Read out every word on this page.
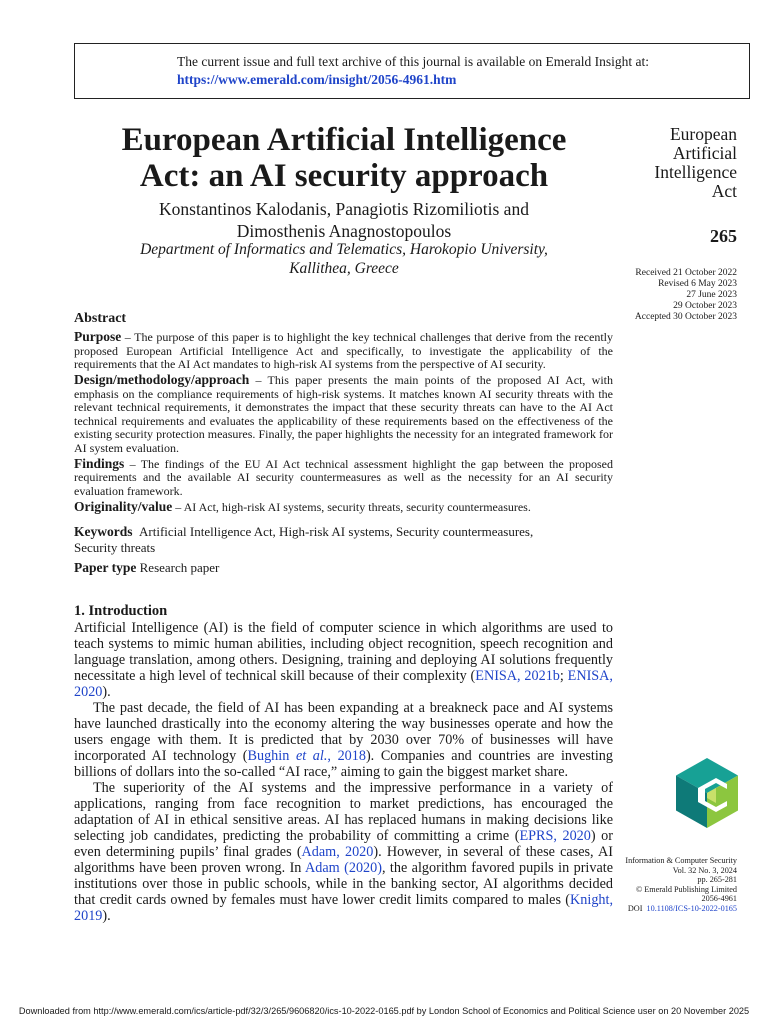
The current issue and full text archive of this journal is available on Emerald Insight at:
https://www.emerald.com/insight/2056-4961.htm
European Artificial Intelligence
Act: an AI security approach
Konstantinos Kalodanis, Panagiotis Rizomiliotis and
Dimosthenis Anagnostopoulos
Department of Informatics and Telematics, Harokopio University,
Kallithea, Greece
European
Artificial
Intelligence
Act
265
Received 21 October 2022
Revised 6 May 2023
27 June 2023
29 October 2023
Accepted 30 October 2023
Abstract

Purpose – The purpose of this paper is to highlight the key technical challenges that derive from the recently proposed European Artificial Intelligence Act and specifically, to investigate the applicability of the requirements that the AI Act mandates to high-risk AI systems from the perspective of AI security.

Design/methodology/approach – This paper presents the main points of the proposed AI Act, with emphasis on the compliance requirements of high-risk systems. It matches known AI security threats with the relevant technical requirements, it demonstrates the impact that these security threats can have to the AI Act technical requirements and evaluates the applicability of these requirements based on the effectiveness of the existing security protection measures. Finally, the paper highlights the necessity for an integrated framework for AI system evaluation.

Findings – The findings of the EU AI Act technical assessment highlight the gap between the proposed requirements and the available AI security countermeasures as well as the necessity for an AI security evaluation framework.

Originality/value – AI Act, high-risk AI systems, security threats, security countermeasures.

Keywords Artificial Intelligence Act, High-risk AI systems, Security countermeasures,
Security threats
Paper type Research paper
1. Introduction

Artificial Intelligence (AI) is the field of computer science in which algorithms are used to teach systems to mimic human abilities, including object recognition, speech recognition and language translation, among others. Designing, training and deploying AI solutions frequently necessitate a high level of technical skill because of their complexity (ENISA, 2021b; ENISA, 2020).

The past decade, the field of AI has been expanding at a breakneck pace and AI systems have launched drastically into the economy altering the way businesses operate and how the users engage with them. It is predicted that by 2030 over 70% of businesses will have incorporated AI technology (Bughin et al., 2018). Companies and countries are investing billions of dollars into the so-called “AI race,” aiming to gain the biggest market share.

The superiority of the AI systems and the impressive performance in a variety of applications, ranging from face recognition to market predictions, has encouraged the adaptation of AI in ethical sensitive areas. AI has replaced humans in making decisions like selecting job candidates, predicting the probability of committing a crime (EPRS, 2020) or even determining pupils’ final grades (Adam, 2020). However, in several of these cases, AI algorithms have been proven wrong. In Adam (2020), the algorithm favored pupils in private institutions over those in public schools, while in the banking sector, AI algorithms decided that credit cards owned by females must have lower credit limits compared to males (Knight, 2019).

Information & Computer Security
Vol. 32 No. 3, 2024
pp. 265-281
© Emerald Publishing Limited
2056-4961
DOI 10.1108/ICS-10-2022-0165
Downloaded from http://www.emerald.com/ics/article-pdf/32/3/265/9606820/ics-10-2022-0165.pdf by London School of Economics and Political Science user on 20 November 2025
